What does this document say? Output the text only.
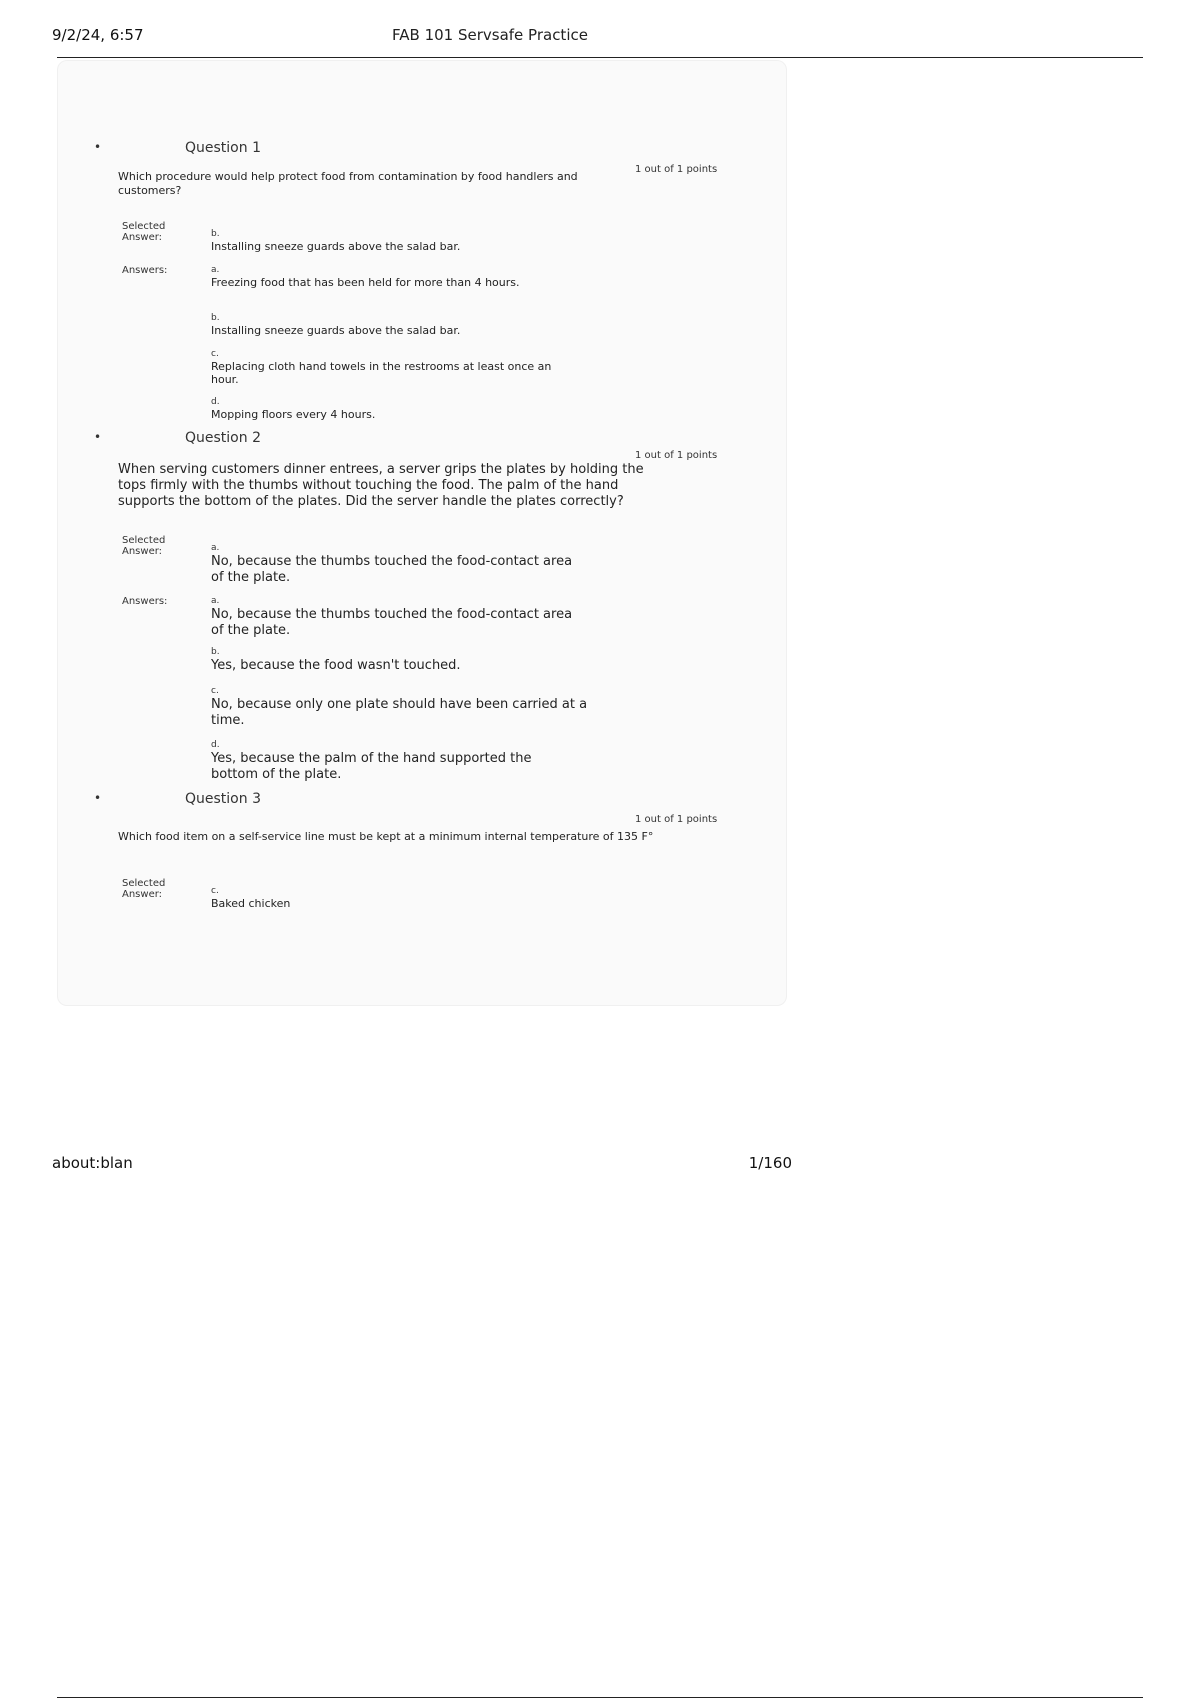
9/2/24, 6:57	FAB 101 Servsafe Practice
•	Question 1
1 out of 1 points
Which procedure would help protect food from contamination by food handlers and customers?
Selected Answer:	b.
Installing sneeze guards above the salad bar.
Answers:	a.
Freezing food that has been held for more than 4 hours.
b.
Installing sneeze guards above the salad bar.
c.
Replacing cloth hand towels in the restrooms at least once an hour.
d.
Mopping floors every 4 hours.
•	Question 2
1 out of 1 points
When serving customers dinner entrees, a server grips the plates by holding the tops firmly with the thumbs without touching the food. The palm of the hand supports the bottom of the plates. Did the server handle the plates correctly?
Selected Answer:	a.
No, because the thumbs touched the food-contact area of the plate.
Answers:	a.
No, because the thumbs touched the food-contact area of the plate.
b.
Yes, because the food wasn't touched.
c.
No, because only one plate should have been carried at a time.
d.
Yes, because the palm of the hand supported the bottom of the plate.
•	Question 3
1 out of 1 points
Which food item on a self-service line must be kept at a minimum internal temperature of 135 F°
Selected Answer:	c.
Baked chicken
about:blan	1/160
